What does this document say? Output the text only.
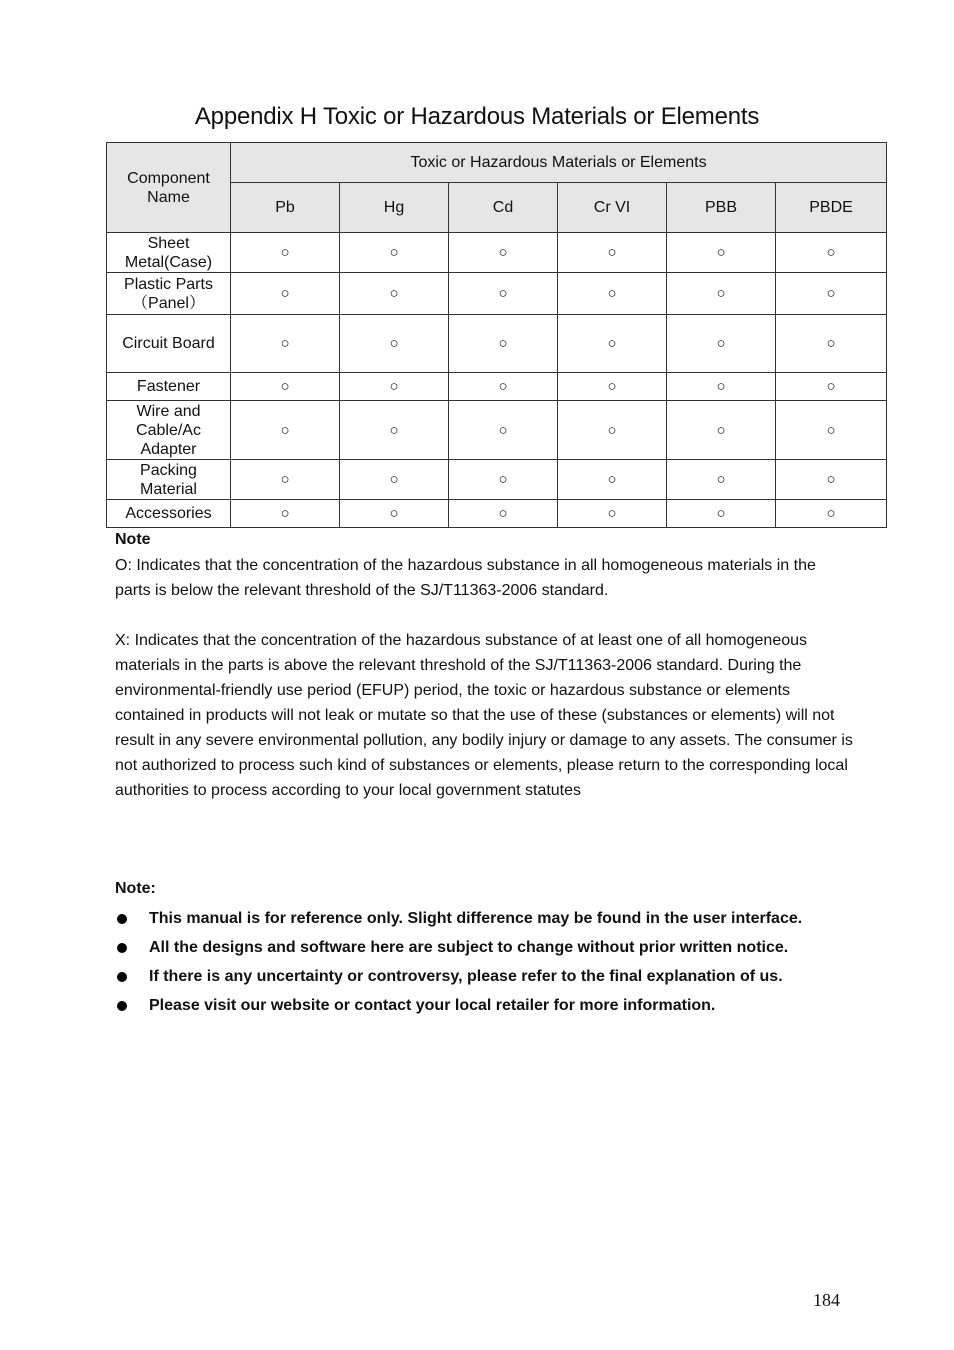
Appendix H Toxic or Hazardous Materials or Elements
Component Name	Toxic or Hazardous Materials or Elements					
	Pb	Hg	Cd	Cr VI	PBB	PBDE
Sheet Metal(Case)	○	○	○	○	○	○
Plastic Parts （Panel）	○	○	○	○	○	○
Circuit Board	○	○	○	○	○	○
Fastener	○	○	○	○	○	○
Wire and Cable/Ac Adapter	○	○	○	○	○	○
Packing Material	○	○	○	○	○	○
Accessories	○	○	○	○	○	○
Note

O: Indicates that the concentration of the hazardous substance in all homogeneous materials in the parts is below the relevant threshold of the SJ/T11363-2006 standard.

X: Indicates that the concentration of the hazardous substance of at least one of all homogeneous materials in the parts is above the relevant threshold of the SJ/T11363-2006 standard. During the environmental-friendly use period (EFUP) period, the toxic or hazardous substance or elements contained in products will not leak or mutate so that the use of these (substances or elements) will not result in any severe environmental pollution, any bodily injury or damage to any assets. The consumer is not authorized to process such kind of substances or elements, please return to the corresponding local authorities to process according to your local government statutes

Note:
This manual is for reference only. Slight difference may be found in the user interface.
All the designs and software here are subject to change without prior written notice.
If there is any uncertainty or controversy, please refer to the final explanation of us.
Please visit our website or contact your local retailer for more information.
184
